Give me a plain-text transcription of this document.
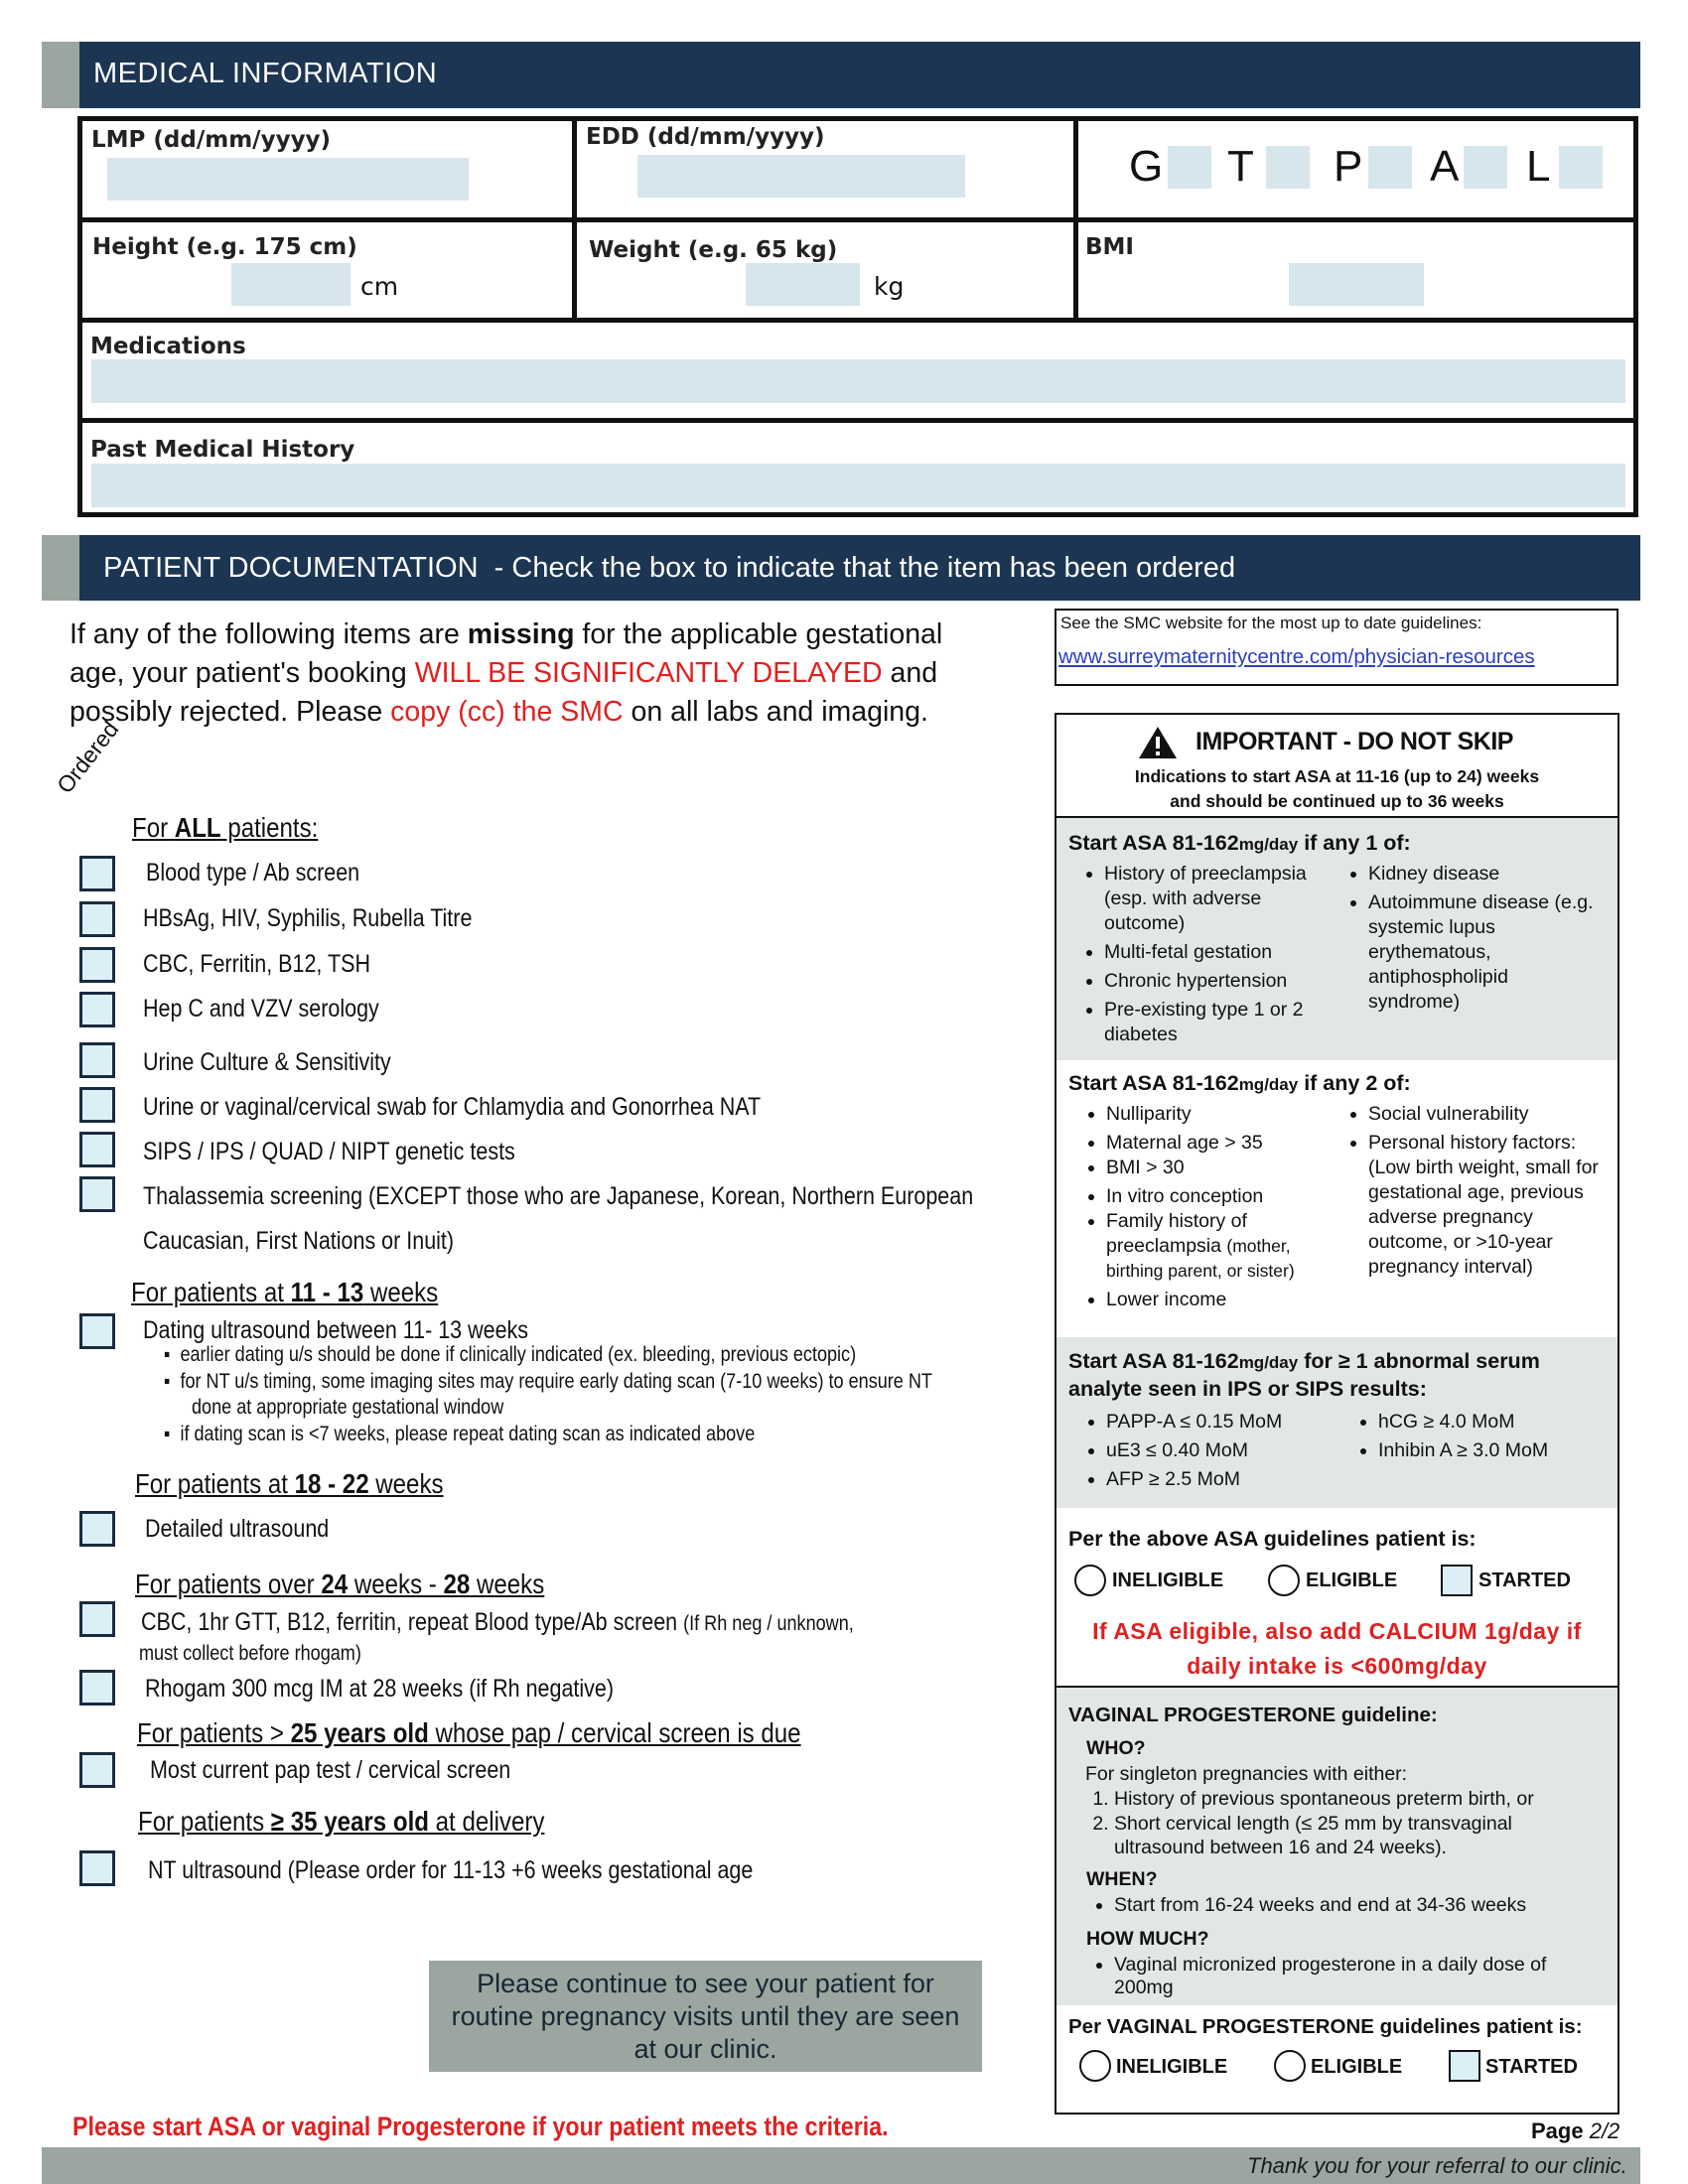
MEDICAL INFORMATION
LMP (dd/mm/yyyy)	EDD (dd/mm/yyyy)
G T P A L
Height (e.g. 175 cm)
cm
Weight (e.g. 65 kg)
kg
BMI
Medications
Past Medical History
PATIENT DOCUMENTATION - Check the box to indicate that the item has been ordered
If any of the following items are missing for the applicable gestational
age, your patient's booking WILL BE SIGNIFICANTLY DELAYED and
possibly rejected. Please copy (cc) the SMC on all labs and imaging.
Ordered
For ALL patients:
Blood type / Ab screen
HBsAg, HIV, Syphilis, Rubella Titre
CBC, Ferritin, B12, TSH
Hep C and VZV serology
Urine Culture & Sensitivity
Urine or vaginal/cervical swab for Chlamydia and Gonorrhea NAT
SIPS / IPS / QUAD / NIPT genetic tests
Thalassemia screening (EXCEPT those who are Japanese, Korean, Northern European
Caucasian, First Nations or Inuit)
For patients at 11 - 13 weeks
Dating ultrasound between 11- 13 weeks
▪  earlier dating u/s should be done if clinically indicated (ex. bleeding, previous ectopic)
▪  for NT u/s timing, some imaging sites may require early dating scan (7-10 weeks) to ensure NT
done at appropriate gestational window
▪  if dating scan is <7 weeks, please repeat dating scan as indicated above
For patients at 18 - 22 weeks
Detailed ultrasound
For patients over 24 weeks - 28 weeks
CBC, 1hr GTT, B12, ferritin, repeat Blood type/Ab screen (If Rh neg / unknown,
must collect before rhogam)
Rhogam 300 mcg IM at 28 weeks (if Rh negative)
For patients > 25 years old whose pap / cervical screen is due
Most current pap test / cervical screen
For patients ≥ 35 years old at delivery
NT ultrasound (Please order for 11-13 +6 weeks gestational age
Please continue to see your patient for routine pregnancy visits until they are seen at our clinic.
Please start ASA or vaginal Progesterone if your patient meets the criteria.
See the SMC website for the most up to date guidelines:
www.surreymaternitycentre.com/physician-resources
IMPORTANT - DO NOT SKIP
Indications to start ASA at 11-16 (up to 24) weeks
and should be continued up to 36 weeks
Start ASA 81-162mg/day if any 1 of:
• History of preeclampsia (esp. with adverse outcome)
• Multi-fetal gestation
• Chronic hypertension
• Pre-existing type 1 or 2 diabetes
• Kidney disease
• Autoimmune disease (e.g. systemic lupus erythematous, antiphospholipid syndrome)
Start ASA 81-162mg/day if any 2 of:
• Nulliparity
• Maternal age > 35
• BMI > 30
• In vitro conception
• Family history of preeclampsia (mother, birthing parent, or sister)
• Lower income
• Social vulnerability
• Personal history factors: (Low birth weight, small for gestational age, previous adverse pregnancy outcome, or >10-year pregnancy interval)
Start ASA 81-162mg/day for ≥ 1 abnormal serum
analyte seen in IPS or SIPS results:
• PAPP-A ≤ 0.15 MoM
• uE3 ≤ 0.40 MoM
• AFP ≥ 2.5 MoM
• hCG ≥ 4.0 MoM
• Inhibin A ≥ 3.0 MoM
Per the above ASA guidelines patient is:
INELIGIBLE	ELIGIBLE	STARTED
If ASA eligible, also add CALCIUM 1g/day if daily intake is <600mg/day
VAGINAL PROGESTERONE guideline:
WHO?
For singleton pregnancies with either:
1. History of previous spontaneous preterm birth, or
2. Short cervical length (≤ 25 mm by transvaginal ultrasound between 16 and 24 weeks).
WHEN?
• Start from 16-24 weeks and end at 34-36 weeks
HOW MUCH?
• Vaginal micronized progesterone in a daily dose of 200mg
Per VAGINAL PROGESTERONE guidelines patient is:
INELIGIBLE	ELIGIBLE	STARTED
Page 2/2
Thank you for your referral to our clinic.
